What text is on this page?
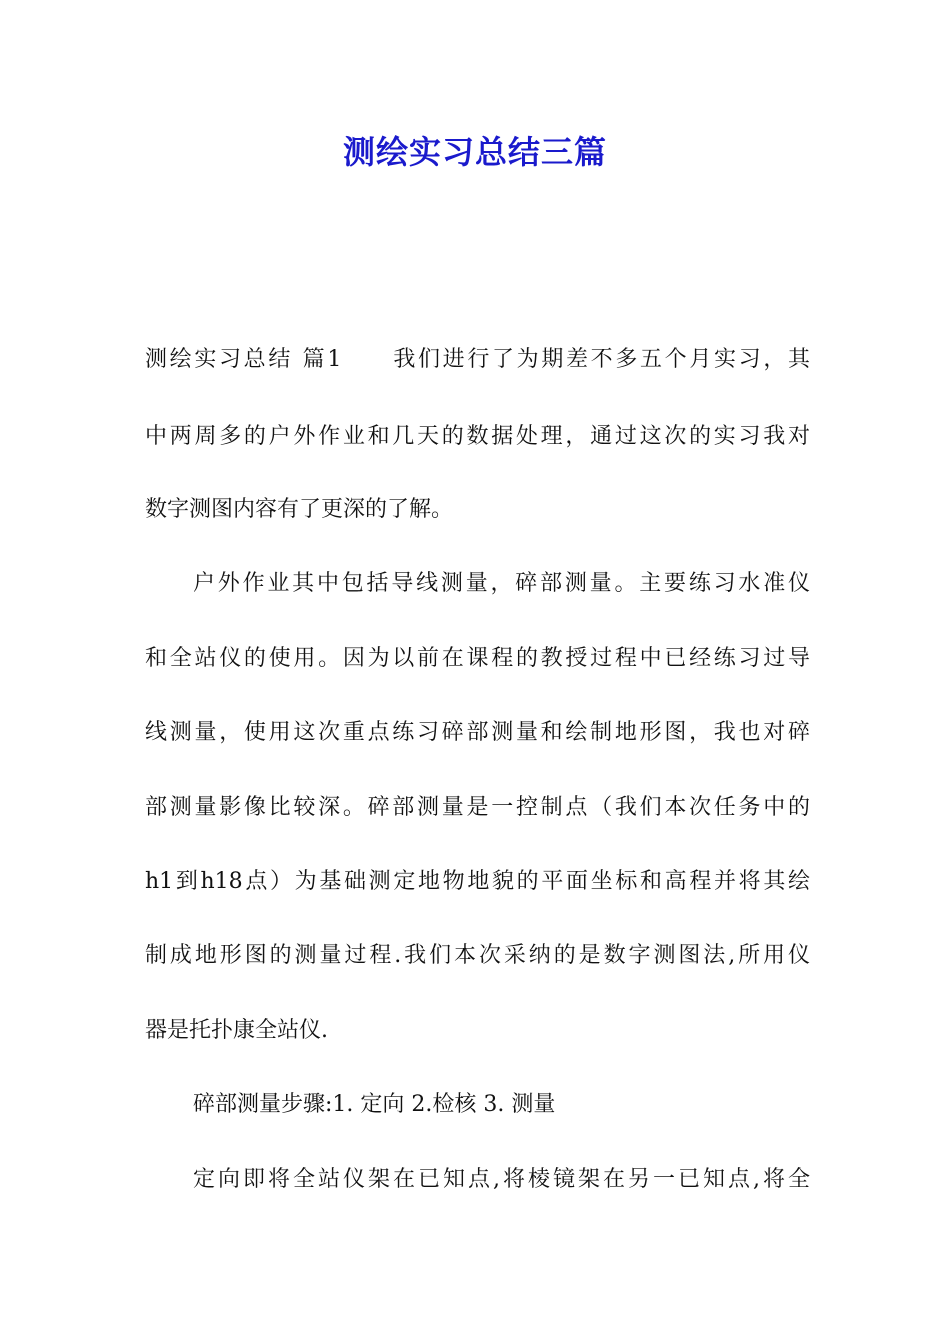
测绘实习总结三篇

测绘实习总结 篇1　　我们进行了为期差不多五个月实习，其

中两周多的户外作业和几天的数据处理，通过这次的实习我对

数字测图内容有了更深的了解。

户外作业其中包括导线测量，碎部测量。主要练习水准仪

和全站仪的使用。因为以前在课程的教授过程中已经练习过导

线测量，使用这次重点练习碎部测量和绘制地形图，我也对碎

部测量影像比较深。碎部测量是一控制点（我们本次任务中的

h1到h18点）为基础测定地物地貌的平面坐标和高程并将其绘

制成地形图的测量过程.我们本次采纳的是数字测图法,所用仪

器是托扑康全站仪.

碎部测量步骤:1. 定向 2.检核 3. 测量

定向即将全站仪架在已知点,将棱镜架在另一已知点,将全
